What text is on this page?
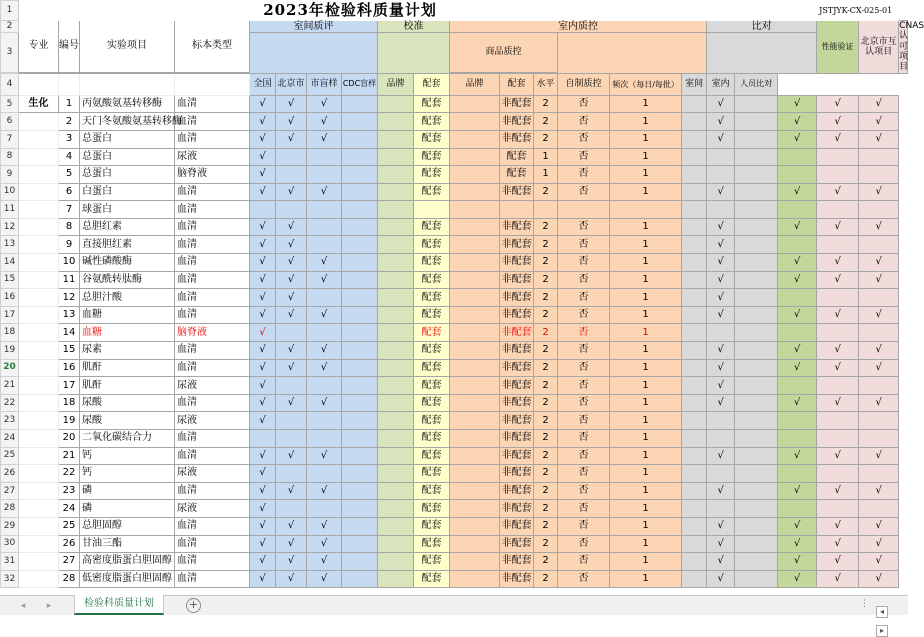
1	2023年检验科质量计划															JSTJYK-CX-025-01						
2	专业	编号	实验项目	标本类型	室间质评				校准		室内质控						比对			性能验证	北京市互认项目	CNAS认可项目
3											商品质控											

4					全国	北京市	市盲样	CDC盲样	品牌	配套	品牌	配套	水平	自制质控	频次（每日/每批）	室间	室内	人员比对				
5	生化	1	丙氨酸氨基转移酶	血清	√	√	√			配套		非配套	2	否	1		√		√	√	√	
6		2	天门冬氨酸氨基转移酶	血清	√	√	√			配套		非配套	2	否	1		√		√	√	√	
7		3	总蛋白	血清	√	√	√			配套		非配套	2	否	1		√		√	√	√	
8		4	总蛋白	尿液	√					配套		配套	1	否	1							
9		5	总蛋白	脑脊液	√					配套		配套	1	否	1							
10		6	白蛋白	血清	√	√	√			配套		非配套	2	否	1		√		√	√	√	
11		7	球蛋白	血清																		
12		8	总胆红素	血清	√	√				配套		非配套	2	否	1		√		√	√	√	
13		9	直接胆红素	血清	√	√				配套		非配套	2	否	1		√					
14		10	碱性磷酸酶	血清	√	√	√			配套		非配套	2	否	1		√		√	√	√	
15		11	谷氨酰转肽酶	血清	√	√	√			配套		非配套	2	否	1		√		√	√	√	
16		12	总胆汁酸	血清	√	√				配套		非配套	2	否	1		√					
17		13	血糖	血清	√	√	√			配套		非配套	2	否	1		√		√	√	√	
18		14	血糖	脑脊液	√					配套		非配套	2	否	1							
19		15	尿素	血清	√	√	√			配套		非配套	2	否	1		√		√	√	√	
20		16	肌酐	血清	√	√	√			配套		非配套	2	否	1		√		√	√	√	
21		17	肌酐	尿液	√					配套		非配套	2	否	1		√					
22		18	尿酸	血清	√	√	√			配套		非配套	2	否	1		√		√	√	√	
23		19	尿酸	尿液	√					配套		非配套	2	否	1							
24		20	二氧化碳结合力	血清						配套		非配套	2	否	1							
25		21	钙	血清	√	√	√			配套		非配套	2	否	1		√		√	√	√	
26		22	钙	尿液	√					配套		非配套	2	否	1							
27		23	磷	血清	√	√	√			配套		非配套	2	否	1		√		√	√	√	
28		24	磷	尿液	√					配套		非配套	2	否	1							
29		25	总胆固醇	血清	√	√	√			配套		非配套	2	否	1		√		√	√	√	
30		26	甘油三酯	血清	√	√	√			配套		非配套	2	否	1		√		√	√	√	
31		27	高密度脂蛋白胆固醇	血清	√	√	√			配套		非配套	2	否	1		√		√	√	√	
32		28	低密度脂蛋白胆固醇	血清	√	√	√			配套		非配套	2	否	1		√		√	√	√	
◂	▸	检验科质量计划	+	⋮
◂ ▸
